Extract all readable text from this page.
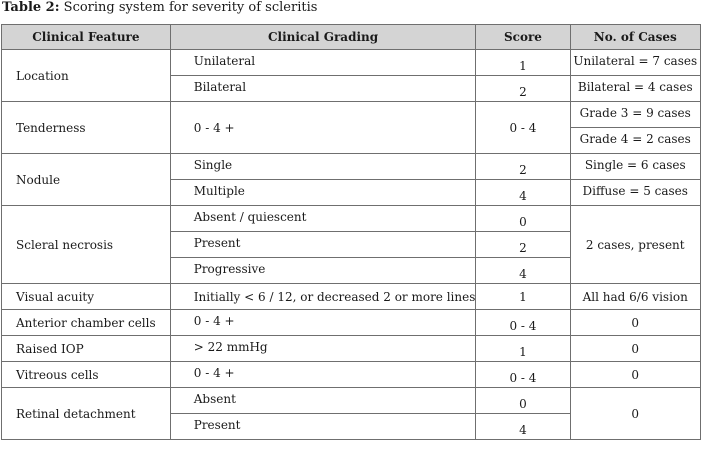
Table 2: Scoring system for severity of scleritis
Clinical Feature	Clinical Grading	Score	No. of Cases
Location	Unilateral	1	Unilateral = 7 cases
	Bilateral	2	Bilateral = 4 cases
Tenderness	0 - 4 +	0 - 4	Grade 3 = 9 cases
			Grade 4 = 2 cases
Nodule	Single	2	Single = 6 cases
	Multiple	4	Diffuse = 5 cases
Scleral necrosis	Absent / quiescent	0	2 cases, present
	Present	2	
	Progressive	4	
Visual acuity	Initially < 6 / 12, or decreased 2 or more lines	1	All had 6/6 vision
Anterior chamber cells	0 - 4 +	0 - 4	0
Raised IOP	> 22 mmHg	1	0
Vitreous cells	0 - 4 +	0 - 4	0
Retinal detachment	Absent	0	0
	Present	4	
